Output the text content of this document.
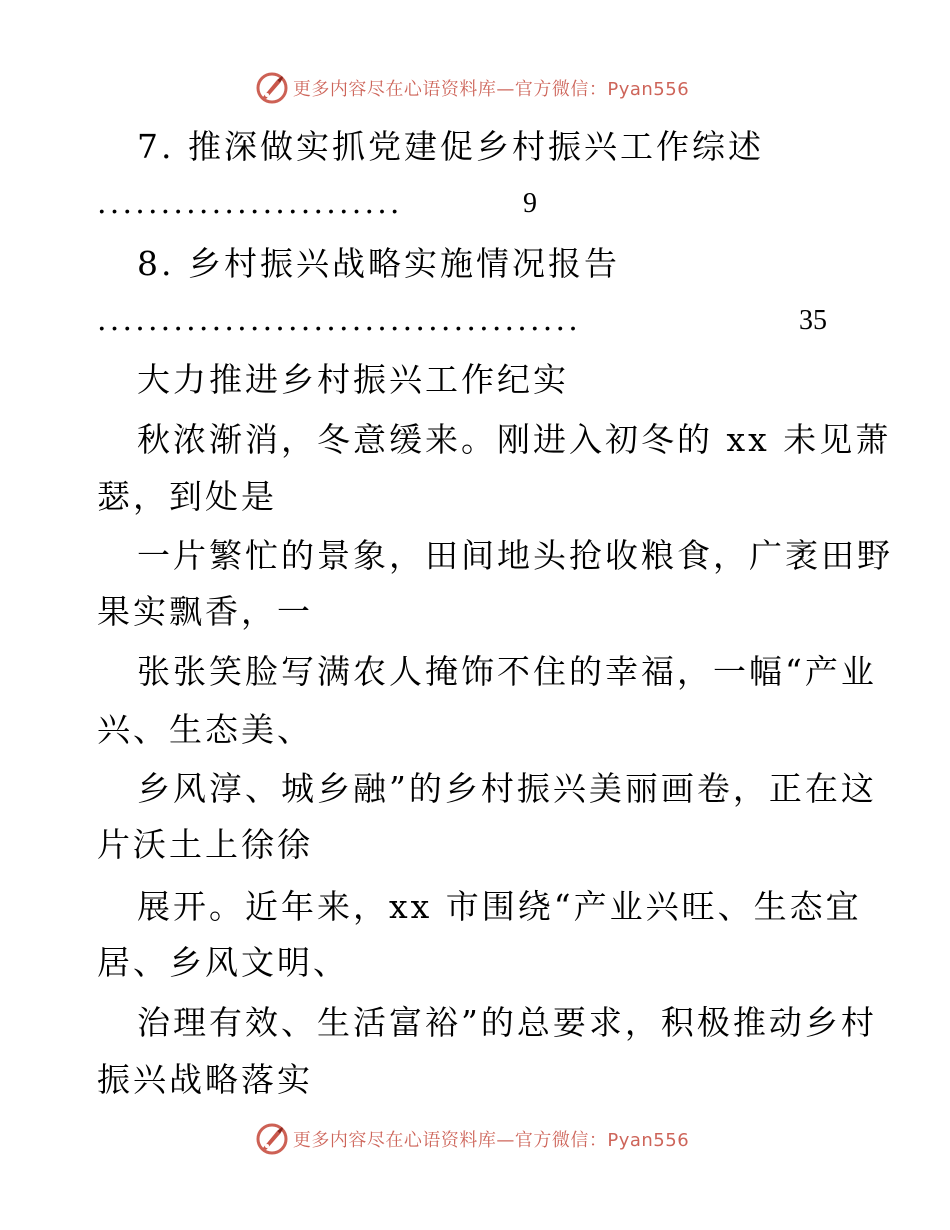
更多内容尽在心语资料库—官方微信：Pyan556
7. 推深做实抓党建促乡村振兴工作综述
........................	9
8. 乡村振兴战略实施情况报告
......................................	35
大力推进乡村振兴工作纪实
秋浓渐消，冬意缓来。刚进入初冬的 xx 未见萧
瑟，到处是
一片繁忙的景象，田间地头抢收粮食，广袤田野
果实飘香，一
张张笑脸写满农人掩饰不住的幸福，一幅“产业
兴、生态美、
乡风淳、城乡融”的乡村振兴美丽画卷，正在这
片沃土上徐徐
展开。近年来，xx 市围绕“产业兴旺、生态宜
居、乡风文明、
治理有效、生活富裕”的总要求，积极推动乡村
振兴战略落实
更多内容尽在心语资料库—官方微信：Pyan556
